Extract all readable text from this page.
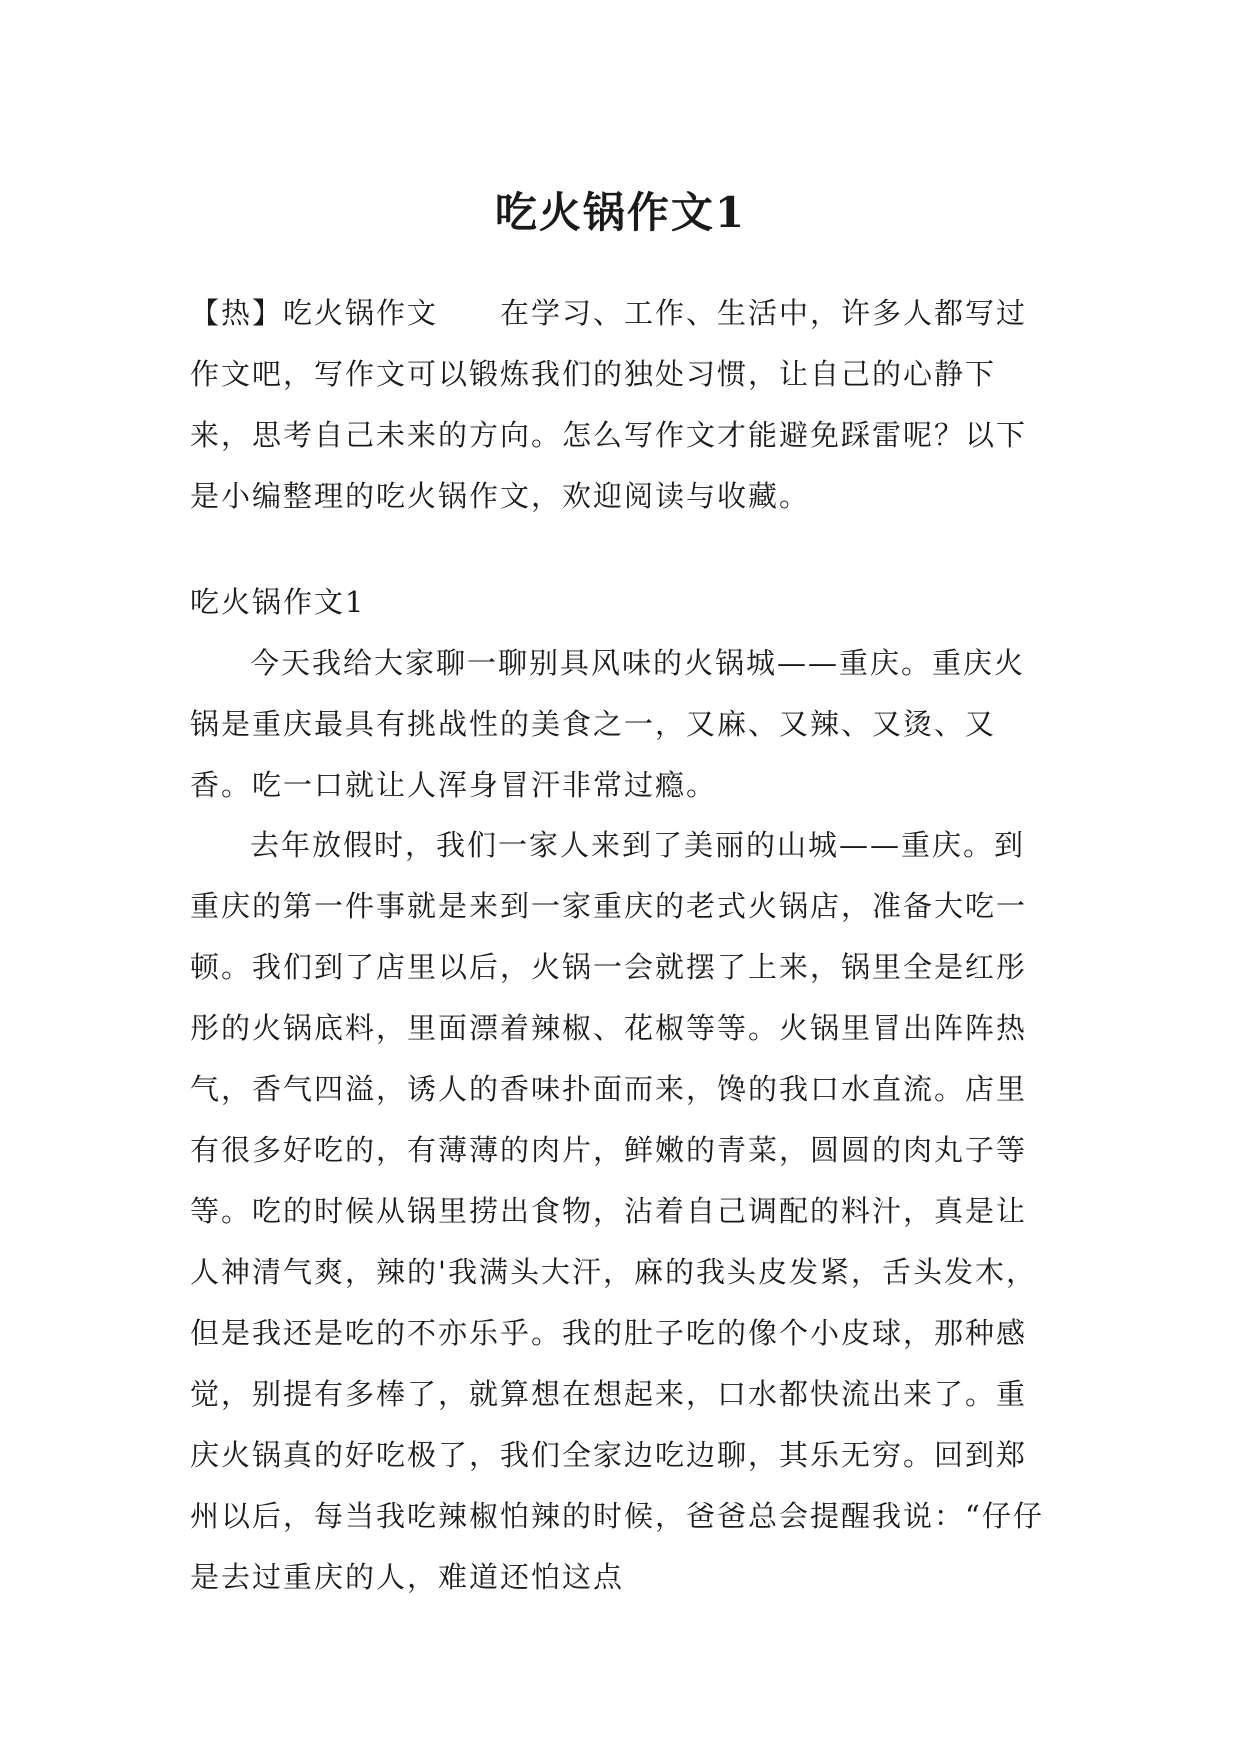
吃火锅作文1

【热】吃火锅作文　　在学习、工作、生活中，许多人都写过作文吧，写作文可以锻炼我们的独处习惯，让自己的心静下来，思考自己未来的方向。怎么写作文才能避免踩雷呢？以下是小编整理的吃火锅作文，欢迎阅读与收藏。

吃火锅作文1

今天我给大家聊一聊别具风味的火锅城——重庆。重庆火锅是重庆最具有挑战性的美食之一，又麻、又辣、又烫、又香。吃一口就让人浑身冒汗非常过瘾。

去年放假时，我们一家人来到了美丽的山城——重庆。到重庆的第一件事就是来到一家重庆的老式火锅店，准备大吃一顿。我们到了店里以后，火锅一会就摆了上来，锅里全是红彤彤的火锅底料，里面漂着辣椒、花椒等等。火锅里冒出阵阵热气，香气四溢，诱人的香味扑面而来，馋的我口水直流。店里有很多好吃的，有薄薄的肉片，鲜嫩的青菜，圆圆的肉丸子等等。吃的时候从锅里捞出食物，沾着自己调配的料汁，真是让人神清气爽，辣的'我满头大汗，麻的我头皮发紧，舌头发木，但是我还是吃的不亦乐乎。我的肚子吃的像个小皮球，那种感觉，别提有多棒了，就算想在想起来，口水都快流出来了。重庆火锅真的好吃极了，我们全家边吃边聊，其乐无穷。回到郑州以后，每当我吃辣椒怕辣的时候，爸爸总会提醒我说：“仔仔是去过重庆的人，难道还怕这点
